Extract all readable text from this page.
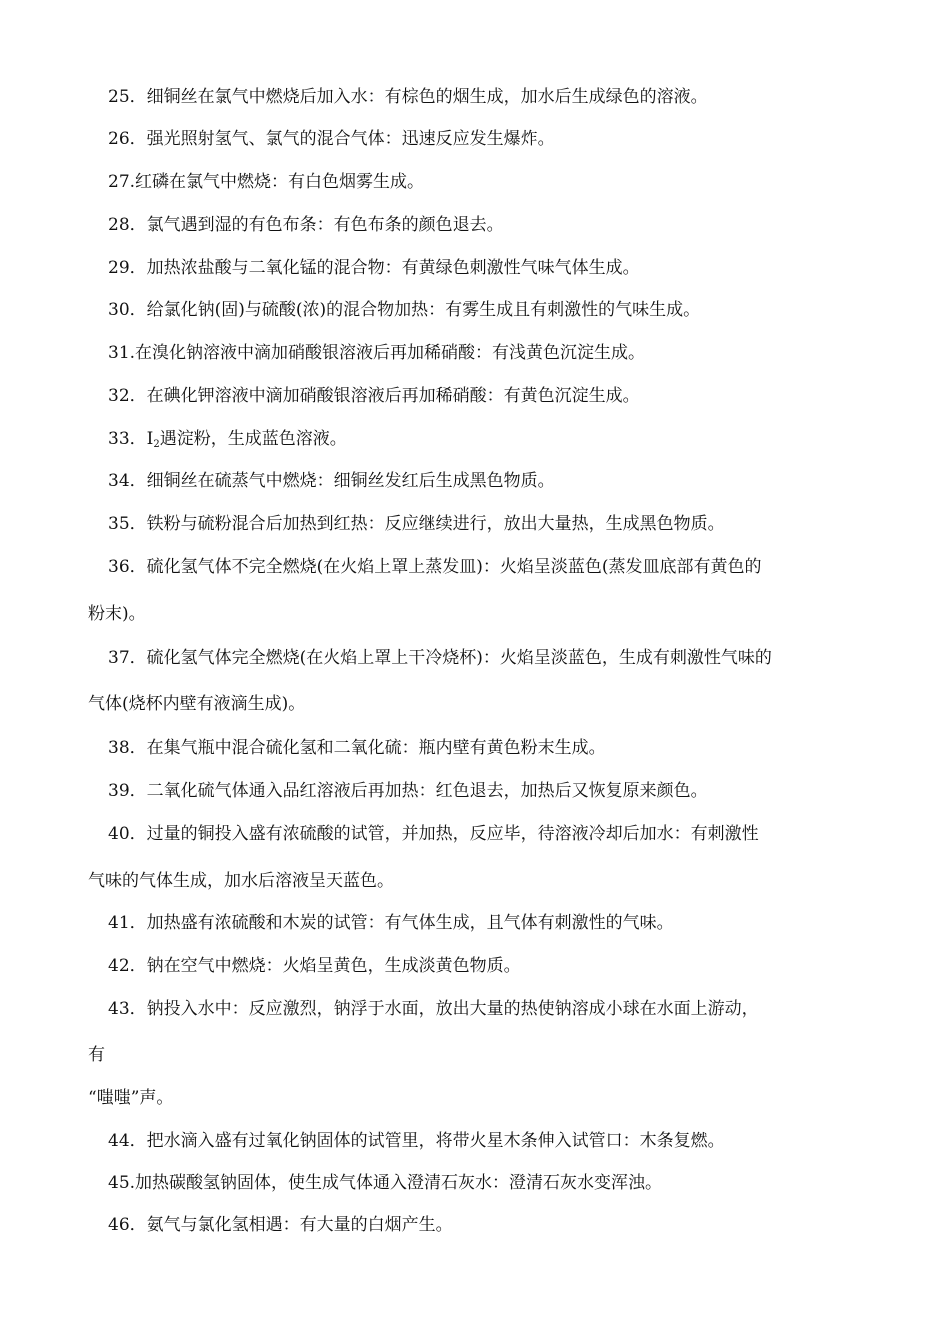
25．细铜丝在氯气中燃烧后加入水：有棕色的烟生成，加水后生成绿色的溶液。
26．强光照射氢气、氯气的混合气体：迅速反应发生爆炸。
27.红磷在氯气中燃烧：有白色烟雾生成。
28．氯气遇到湿的有色布条：有色布条的颜色退去。
29．加热浓盐酸与二氧化锰的混合物：有黄绿色刺激性气味气体生成。
30．给氯化钠(固)与硫酸(浓)的混合物加热：有雾生成且有刺激性的气味生成。
31.在溴化钠溶液中滴加硝酸银溶液后再加稀硝酸：有浅黄色沉淀生成。
32．在碘化钾溶液中滴加硝酸银溶液后再加稀硝酸：有黄色沉淀生成。
33．$I_2$遇淀粉，生成蓝色溶液。
34．细铜丝在硫蒸气中燃烧：细铜丝发红后生成黑色物质。
35．铁粉与硫粉混合后加热到红热：反应继续进行，放出大量热，生成黑色物质。
36．硫化氢气体不完全燃烧(在火焰上罩上蒸发皿)：火焰呈淡蓝色(蒸发皿底部有黄色的
粉末)。
37．硫化氢气体完全燃烧(在火焰上罩上干冷烧杯)：火焰呈淡蓝色，生成有刺激性气味的
气体(烧杯内壁有液滴生成)。
38．在集气瓶中混合硫化氢和二氧化硫：瓶内壁有黄色粉末生成。
39．二氧化硫气体通入品红溶液后再加热：红色退去，加热后又恢复原来颜色。
40．过量的铜投入盛有浓硫酸的试管，并加热，反应毕，待溶液冷却后加水：有刺激性
气味的气体生成，加水后溶液呈天蓝色。
41．加热盛有浓硫酸和木炭的试管：有气体生成，且气体有刺激性的气味。
42．钠在空气中燃烧：火焰呈黄色，生成淡黄色物质。
43．钠投入水中：反应激烈，钠浮于水面，放出大量的热使钠溶成小球在水面上游动，
有
“嗤嗤”声。
44．把水滴入盛有过氧化钠固体的试管里，将带火星木条伸入试管口：木条复燃。
45.加热碳酸氢钠固体，使生成气体通入澄清石灰水：澄清石灰水变浑浊。
46．氨气与氯化氢相遇：有大量的白烟产生。
